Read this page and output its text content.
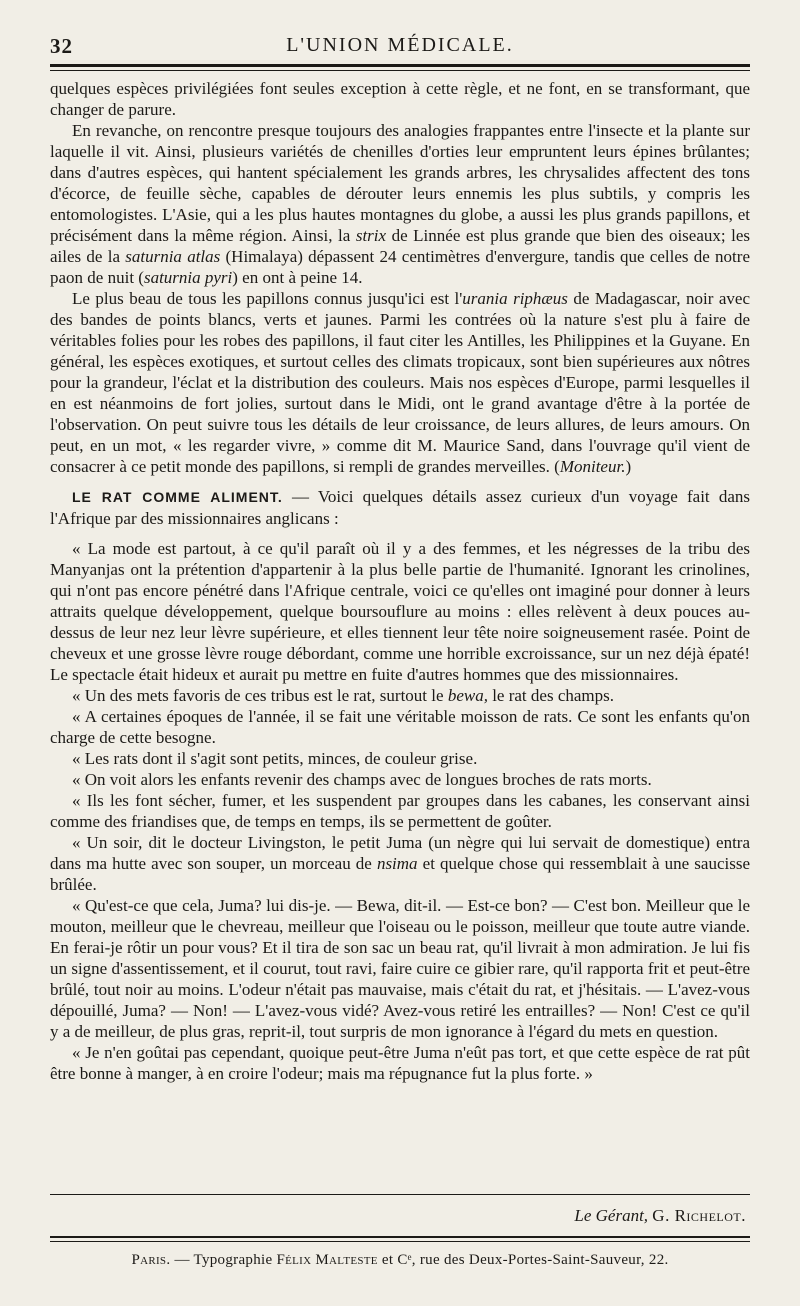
32	L'UNION MÉDICALE.

quelques espèces privilégiées font seules exception à cette règle, et ne font, en se transformant, que changer de parure.

En revanche, on rencontre presque toujours des analogies frappantes entre l'insecte et la plante sur laquelle il vit. Ainsi, plusieurs variétés de chenilles d'orties leur empruntent leurs épines brûlantes; dans d'autres espèces, qui hantent spécialement les grands arbres, les chrysalides affectent des tons d'écorce, de feuille sèche, capables de dérouter leurs ennemis les plus subtils, y compris les entomologistes. L'Asie, qui a les plus hautes montagnes du globe, a aussi les plus grands papillons, et précisément dans la même région. Ainsi, la strix de Linnée est plus grande que bien des oiseaux; les ailes de la saturnia atlas (Himalaya) dépassent 24 centimètres d'envergure, tandis que celles de notre paon de nuit (saturnia pyri) en ont à peine 14.

Le plus beau de tous les papillons connus jusqu'ici est l'urania riphæus de Madagascar, noir avec des bandes de points blancs, verts et jaunes. Parmi les contrées où la nature s'est plu à faire de véritables folies pour les robes des papillons, il faut citer les Antilles, les Philippines et la Guyane. En général, les espèces exotiques, et surtout celles des climats tropicaux, sont bien supérieures aux nôtres pour la grandeur, l'éclat et la distribution des couleurs. Mais nos espèces d'Europe, parmi lesquelles il en est néanmoins de fort jolies, surtout dans le Midi, ont le grand avantage d'être à la portée de l'observation. On peut suivre tous les détails de leur croissance, de leurs allures, de leurs amours. On peut, en un mot, « les regarder vivre, » comme dit M. Maurice Sand, dans l'ouvrage qu'il vient de consacrer à ce petit monde des papillons, si rempli de grandes merveilles. (Moniteur.)

LE RAT COMME ALIMENT. — Voici quelques détails assez curieux d'un voyage fait dans l'Afrique par des missionnaires anglicans :

« La mode est partout, à ce qu'il paraît où il y a des femmes, et les négresses de la tribu des Manyanjas ont la prétention d'appartenir à la plus belle partie de l'humanité. Ignorant les crinolines, qui n'ont pas encore pénétré dans l'Afrique centrale, voici ce qu'elles ont imaginé pour donner à leurs attraits quelque développement, quelque boursouflure au moins : elles relèvent à deux pouces au-dessus de leur nez leur lèvre supérieure, et elles tiennent leur tête noire soigneusement rasée. Point de cheveux et une grosse lèvre rouge débordant, comme une horrible excroissance, sur un nez déjà épaté! Le spectacle était hideux et aurait pu mettre en fuite d'autres hommes que des missionnaires.

« Un des mets favoris de ces tribus est le rat, surtout le bewa, le rat des champs.

« A certaines époques de l'année, il se fait une véritable moisson de rats. Ce sont les enfants qu'on charge de cette besogne.

« Les rats dont il s'agit sont petits, minces, de couleur grise.

« On voit alors les enfants revenir des champs avec de longues broches de rats morts.

« Ils les font sécher, fumer, et les suspendent par groupes dans les cabanes, les conservant ainsi comme des friandises que, de temps en temps, ils se permettent de goûter.

« Un soir, dit le docteur Livingston, le petit Juma (un nègre qui lui servait de domestique) entra dans ma hutte avec son souper, un morceau de nsima et quelque chose qui ressemblait à une saucisse brûlée.

« Qu'est-ce que cela, Juma? lui dis-je. — Bewa, dit-il. — Est-ce bon? — C'est bon. Meilleur que le mouton, meilleur que le chevreau, meilleur que l'oiseau ou le poisson, meilleur que toute autre viande. En ferai-je rôtir un pour vous? Et il tira de son sac un beau rat, qu'il livrait à mon admiration. Je lui fis un signe d'assentissement, et il courut, tout ravi, faire cuire ce gibier rare, qu'il rapporta frit et peut-être brûlé, tout noir au moins. L'odeur n'était pas mauvaise, mais c'était du rat, et j'hésitais. — L'avez-vous dépouillé, Juma? — Non! — L'avez-vous vidé? Avez-vous retiré les entrailles? — Non! C'est ce qu'il y a de meilleur, de plus gras, reprit-il, tout surpris de mon ignorance à l'égard du mets en question.

« Je n'en goûtai pas cependant, quoique peut-être Juma n'eût pas tort, et que cette espèce de rat pût être bonne à manger, à en croire l'odeur; mais ma répugnance fut la plus forte. »

Le Gérant, G. Richelot.
Paris. — Typographie Félix Malteste et Cᵉ, rue des Deux-Portes-Saint-Sauveur, 22.
